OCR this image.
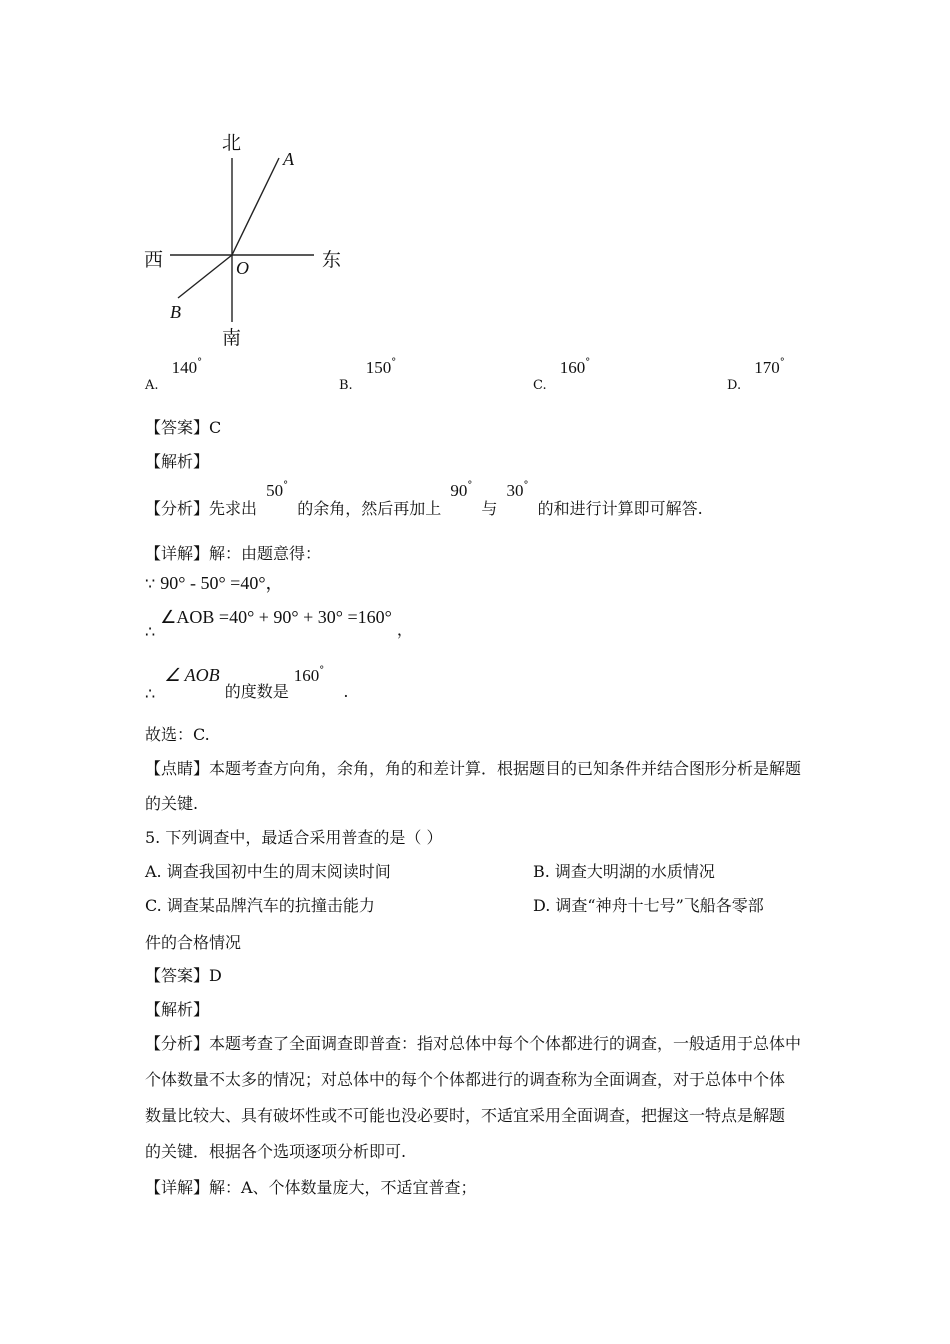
北
南
西	东
A
B
O
$_{A.}$ 140°
$_{B.}$ 150°
$_{C.}$ 160°
$_{D.}$ 170°
【答案】C
【解析】
【分析】先求出 50° 的余角，然后再加上 90° 与 30° 的和进行计算即可解答.
【详解】解：由题意得：
∵ 90° - 50° =40°，
∴ ∠AOB =40° + 90° + 30° =160° ，
∴ ∠ AOB 的度数是 160° .
故选：C.
【点睛】本题考查方向角，余角，角的和差计算．根据题目的已知条件并结合图形分析是解题
的关键.
5. 下列调查中，最适合采用普查的是（ ）
A. 调查我国初中生的周末阅读时间	B. 调查大明湖的水质情况
C. 调查某品牌汽车的抗撞击能力	D. 调查“神舟十七号”飞船各零部
件的合格情况
【答案】D
【解析】
【分析】本题考查了全面调查即普查：指对总体中每个个体都进行的调查，一般适用于总体中
个体数量不太多的情况；对总体中的每个个体都进行的调查称为全面调查，对于总体中个体
数量比较大、具有破坏性或不可能也没必要时，不适宜采用全面调查，把握这一特点是解题
的关键．根据各个选项逐项分析即可.
【详解】解：A、个体数量庞大，不适宜普查；
